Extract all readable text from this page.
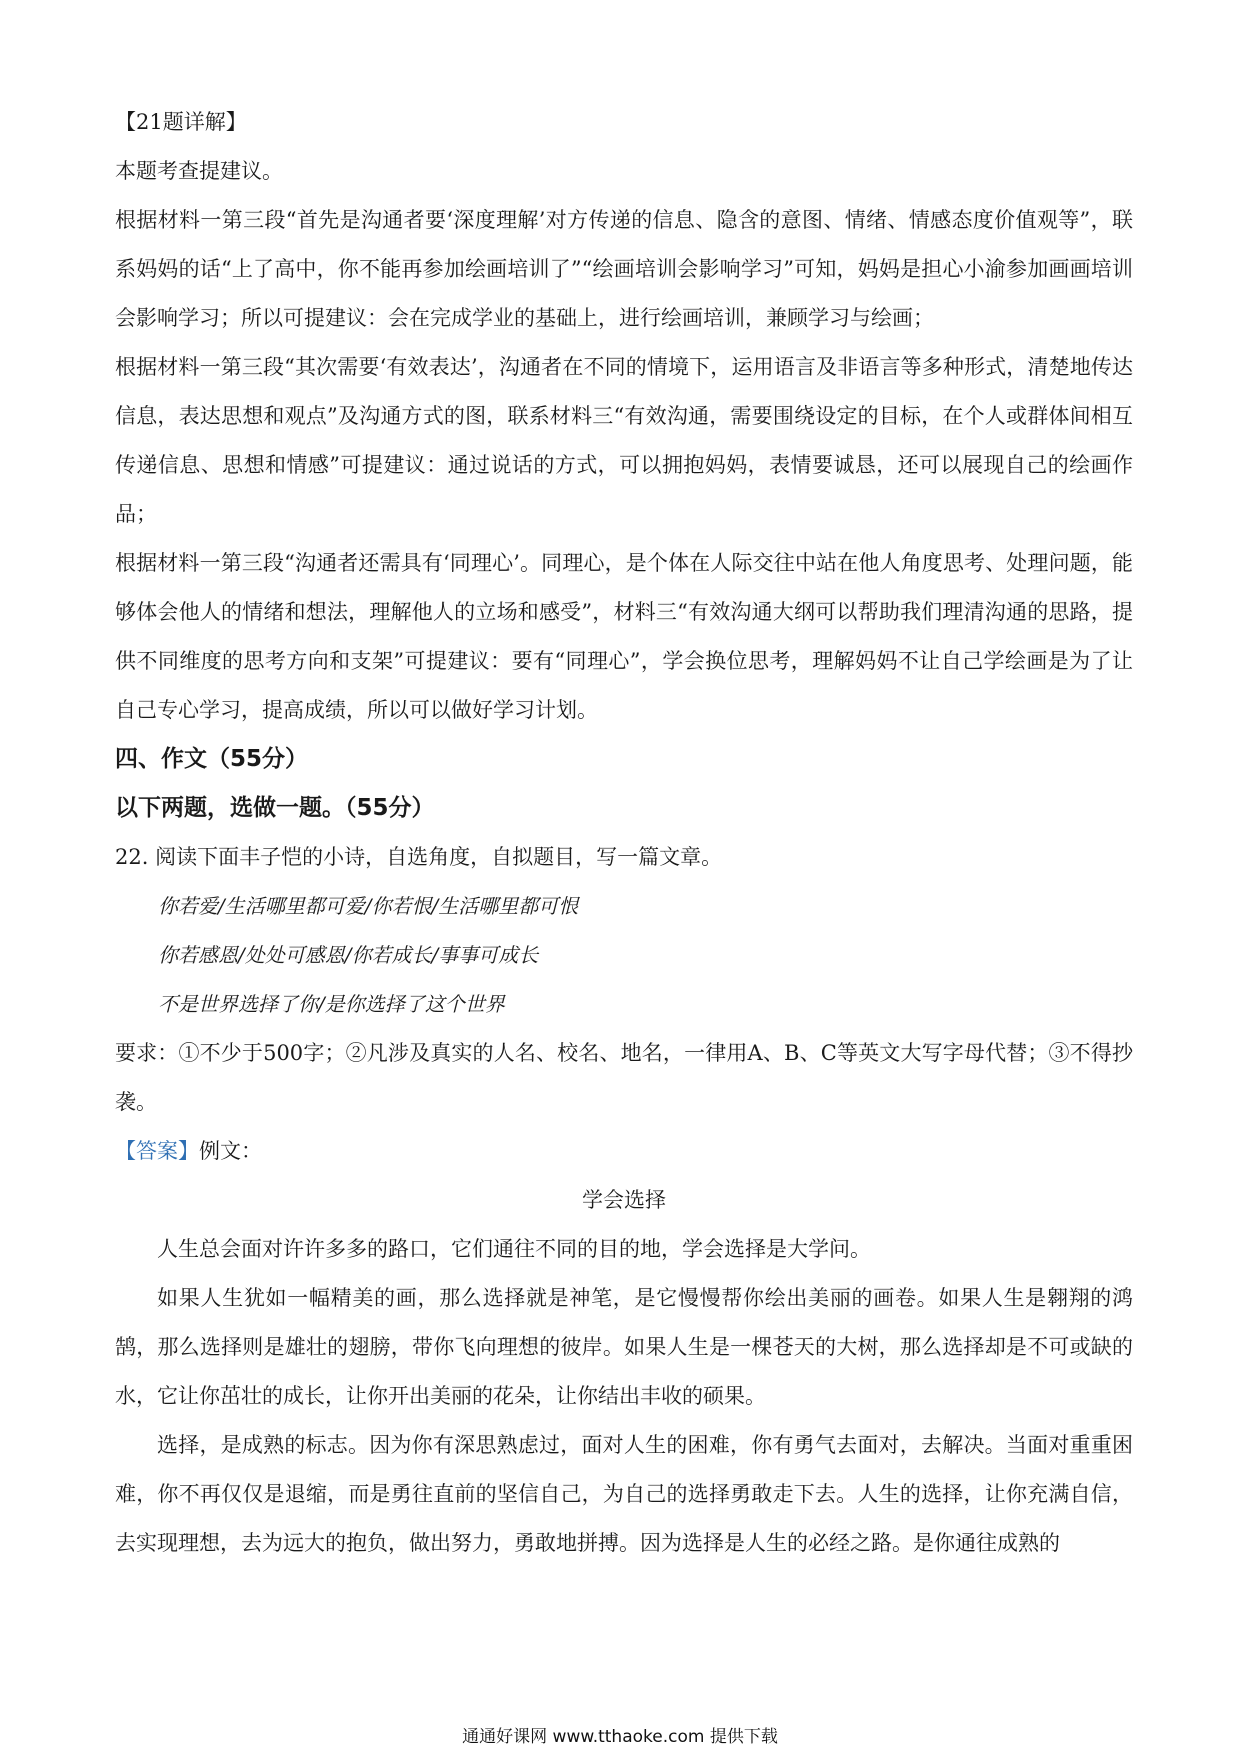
【21题详解】

本题考查提建议。

根据材料一第三段“首先是沟通者要‘深度理解’对方传递的信息、隐含的意图、情绪、情感态度价值观等”，联系妈妈的话“上了高中，你不能再参加绘画培训了”“绘画培训会影响学习”可知，妈妈是担心小渝参加画画培训会影响学习；所以可提建议：会在完成学业的基础上，进行绘画培训，兼顾学习与绘画；

根据材料一第三段“其次需要‘有效表达’，沟通者在不同的情境下，运用语言及非语言等多种形式，清楚地传达信息，表达思想和观点”及沟通方式的图，联系材料三“有效沟通，需要围绕设定的目标，在个人或群体间相互传递信息、思想和情感”可提建议：通过说话的方式，可以拥抱妈妈，表情要诚恳，还可以展现自己的绘画作品；

根据材料一第三段“沟通者还需具有‘同理心’。同理心，是个体在人际交往中站在他人角度思考、处理问题，能够体会他人的情绪和想法，理解他人的立场和感受”，材料三“有效沟通大纲可以帮助我们理清沟通的思路，提供不同维度的思考方向和支架”可提建议：要有“同理心”，学会换位思考，理解妈妈不让自己学绘画是为了让自己专心学习，提高成绩，所以可以做好学习计划。

四、作文（55分）

以下两题，选做一题。（55分）

22. 阅读下面丰子恺的小诗，自选角度，自拟题目，写一篇文章。

你若爱/生活哪里都可爱/你若恨/生活哪里都可恨

你若感恩/处处可感恩/你若成长/事事可成长

不是世界选择了你/是你选择了这个世界

要求：①不少于500字；②凡涉及真实的人名、校名、地名，一律用A、B、C等英文大写字母代替；③不得抄袭。

【答案】例文：

学会选择

人生总会面对许许多多的路口，它们通往不同的目的地，学会选择是大学问。

如果人生犹如一幅精美的画，那么选择就是神笔，是它慢慢帮你绘出美丽的画卷。如果人生是翱翔的鸿鹄，那么选择则是雄壮的翅膀，带你飞向理想的彼岸。如果人生是一棵苍天的大树，那么选择却是不可或缺的水，它让你茁壮的成长，让你开出美丽的花朵，让你结出丰收的硕果。

选择，是成熟的标志。因为你有深思熟虑过，面对人生的困难，你有勇气去面对，去解决。当面对重重困难，你不再仅仅是退缩，而是勇往直前的坚信自己，为自己的选择勇敢走下去。人生的选择，让你充满自信，去实现理想，去为远大的抱负，做出努力，勇敢地拼搏。因为选择是人生的必经之路。是你通往成熟的

通通好课网 www.tthaoke.com 提供下载
